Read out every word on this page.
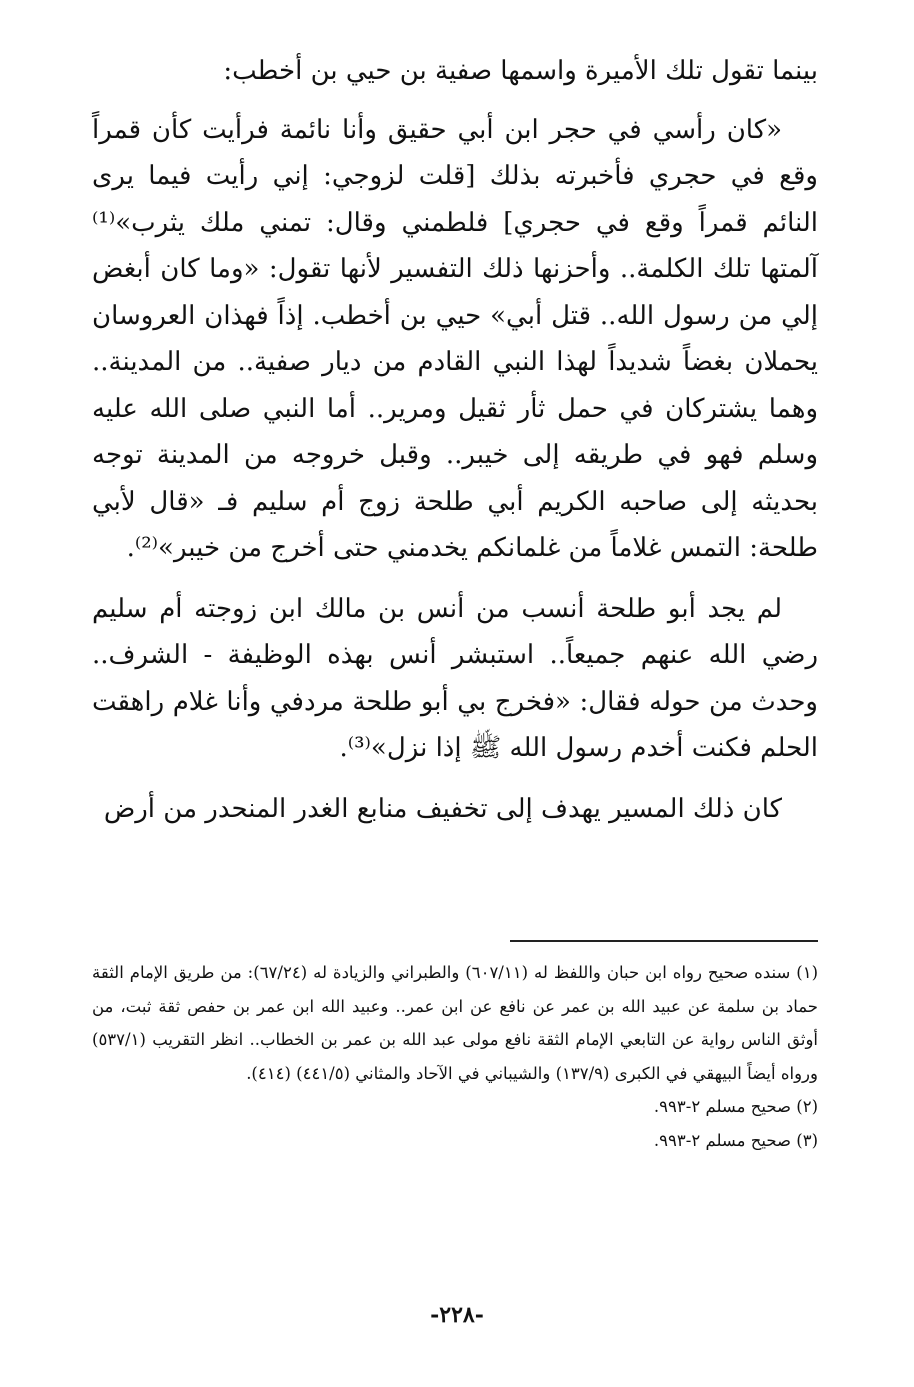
بينما تقول تلك الأميرة واسمها صفية بن حيي بن أخطب:

«كان رأسي في حجر ابن أبي حقيق وأنا نائمة فرأيت كأن قمراً وقع في حجري فأخبرته بذلك [قلت لزوجي: إني رأيت فيما يرى النائم قمراً وقع في حجري] فلطمني وقال: تمني ملك يثرب»⁽¹⁾ آلمتها تلك الكلمة.. وأحزنها ذلك التفسير لأنها تقول: «وما كان أبغض إلي من رسول الله.. قتل أبي» حيي بن أخطب. إذاً فهذان العروسان يحملان بغضاً شديداً لهذا النبي القادم من ديار صفية.. من المدينة.. وهما يشتركان في حمل ثأر ثقيل ومرير.. أما النبي صلى الله عليه وسلم فهو في طريقه إلى خيبر.. وقبل خروجه من المدينة توجه بحديثه إلى صاحبه الكريم أبي طلحة زوج أم سليم فـ «قال لأبي طلحة: التمس غلاماً من غلمانكم يخدمني حتى أخرج من خيبر»⁽²⁾.

لم يجد أبو طلحة أنسب من أنس بن مالك ابن زوجته أم سليم رضي الله عنهم جميعاً.. استبشر أنس بهذه الوظيفة - الشرف.. وحدث من حوله فقال: «فخرج بي أبو طلحة مردفي وأنا غلام راهقت الحلم فكنت أخدم رسول الله ﷺ إذا نزل»⁽³⁾.

كان ذلك المسير يهدف إلى تخفيف منابع الغدر المنحدر من أرض

(١) سنده صحيح رواه ابن حبان واللفظ له (٦٠٧/١١) والطبراني والزيادة له (٦٧/٢٤): من طريق الإمام الثقة حماد بن سلمة عن عبيد الله بن عمر عن نافع عن ابن عمر.. وعبيد الله ابن عمر بن حفص ثقة ثبت، من أوثق الناس رواية عن التابعي الإمام الثقة نافع مولى عبد الله بن عمر بن الخطاب.. انظر التقريب (٥٣٧/١) ورواه أيضاً البيهقي في الكبرى (١٣٧/٩) والشيباني في الآحاد والمثاني (٤٤١/٥) (٤١٤).

(٢) صحيح مسلم ٢-٩٩٣.

(٣) صحيح مسلم ٢-٩٩٣.

-٢٢٨-
